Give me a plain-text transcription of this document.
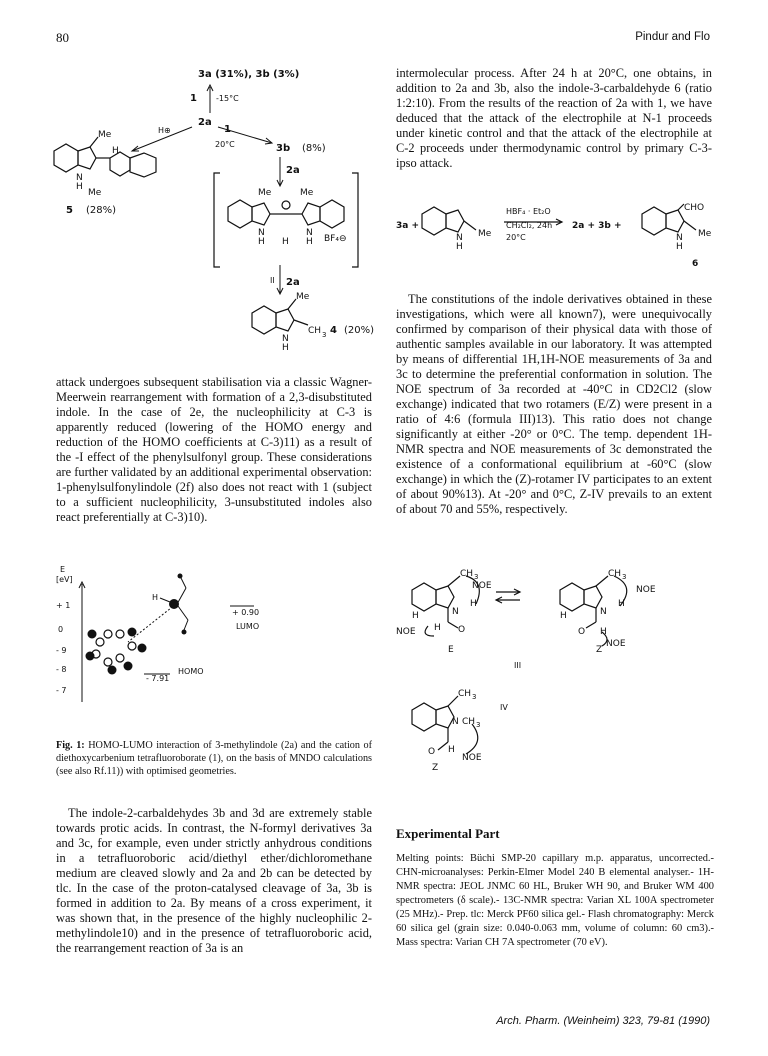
80	Pindur and Flo
3a (31%), 3b (3%)
1 -15°C
2a
H⊕	1
20°C	3b (8%)
2a
5 (28%)
II 2a
4 (20%)
Me
N
H
H
Me	Me	Me
N
H H
N
H BF₄⊖
Me
N
H
CH 3

attack undergoes subsequent stabilisation via a classic Wagner-Meerwein rearrangement with formation of a 2,3-disubstituted indole. In the case of 2e, the nucleophilicity at C-3 is apparently reduced (lowering of the HOMO energy and reduction of the HOMO coefficients at C-3)11) as a result of the -I effect of the phenylsulfonyl group. These considerations are further validated by an additional experimental observation: 1-phenylsulfonylindole (2f) also does not react with 1 (subject to a sufficient nucleophilicity, 3-unsubstituted indoles also react preferentially at C-3)10).

E
[eV]
+ 1
0
- 9
- 8
- 7
+ 0.90
LUMO
- 7.91
HOMO
H
Fig. 1: HOMO-LUMO interaction of 3-methylindole (2a) and the cation of diethoxycarbenium tetrafluoroborate (1), on the basis of MNDO calculations (see also Rf.11)) with optimised geometries.

The indole-2-carbaldehydes 3b and 3d are extremely stable towards protic acids. In contrast, the N-formyl derivatives 3a and 3c, for example, even under strictly anhydrous conditions in a tetrafluoroboric acid/diethyl ether/dichloromethane medium are cleaved slowly and 2a and 2b can be detected by tlc. In the case of the proton-catalysed cleavage of 3a, 3b is formed in addition to 2a. By means of a cross experiment, it was shown that, in the presence of the highly nucleophilic 2-methylindole10) and in the presence of tetrafluoroboric acid, the rearrangement reaction of 3a is an

intermolecular process. After 24 h at 20°C, one obtains, in addition to 2a and 3b, also the indole-3-carbaldehyde 6 (ratio 1:2:10). From the results of the reaction of 2a with 1, we have deduced that the attack of the electrophile at N-1 proceeds under kinetic control and that the attack of the electrophile at C-2 proceeds under thermodynamic control by primary C-3-ipso attack.

3a +
Me
N
H
HBF₄ · Et₂O
CH₂Cl₂, 24h
20°C
2a + 3b +
CHO
Me
N
H
6

The constitutions of the indole derivatives obtained in these investigations, which were all known7), were unequivocally confirmed by comparison of their physical data with those of authentic samples available in our laboratory. It was attempted by means of differential 1H,1H-NOE measurements of 3a and 3c to determine the preferential conformation in solution. The NOE spectrum of 3a recorded at -40°C in CD2Cl2 (slow exchange) indicated that two rotamers (E/Z) were present in a ratio of 4:6 (formula III)13). This ratio does not change significantly at either -20° or 0°C. The temp. dependent 1H-NMR spectra and NOE measurements of 3c demonstrated the existence of a conformational equilibrium at -60°C (slow exchange) in which the (Z)-rotamer IV participates to an extent of about 90%13). At -20° and 0°C, Z-IV prevails to an extent of about 70 and 55%, respectively.

CH 3
NOE
H
N
H
NOE H O
E
CH 3
NOE
H
N
H
O H
NOE
Z
III
CH 3
N CH 3
O H
NOE
Z
IV
Experimental Part
Melting points: Büchi SMP-20 capillary m.p. apparatus, uncorrected.- CHN-microanalyses: Perkin-Elmer Model 240 B elemental analyser.- 1H-NMR spectra: JEOL JNMC 60 HL, Bruker WH 90, and Bruker WM 400 spectrometers (δ scale).- 13C-NMR spectra: Varian XL 100A spectrometer (25 MHz).- Prep. tlc: Merck PF60 silica gel.- Flash chromatography: Merck 60 silica gel (grain size: 0.040-0.063 mm, volume of column: 60 cm3).- Mass spectra: Varian CH 7A spectrometer (70 eV).
Arch. Pharm. (Weinheim) 323, 79-81 (1990)
